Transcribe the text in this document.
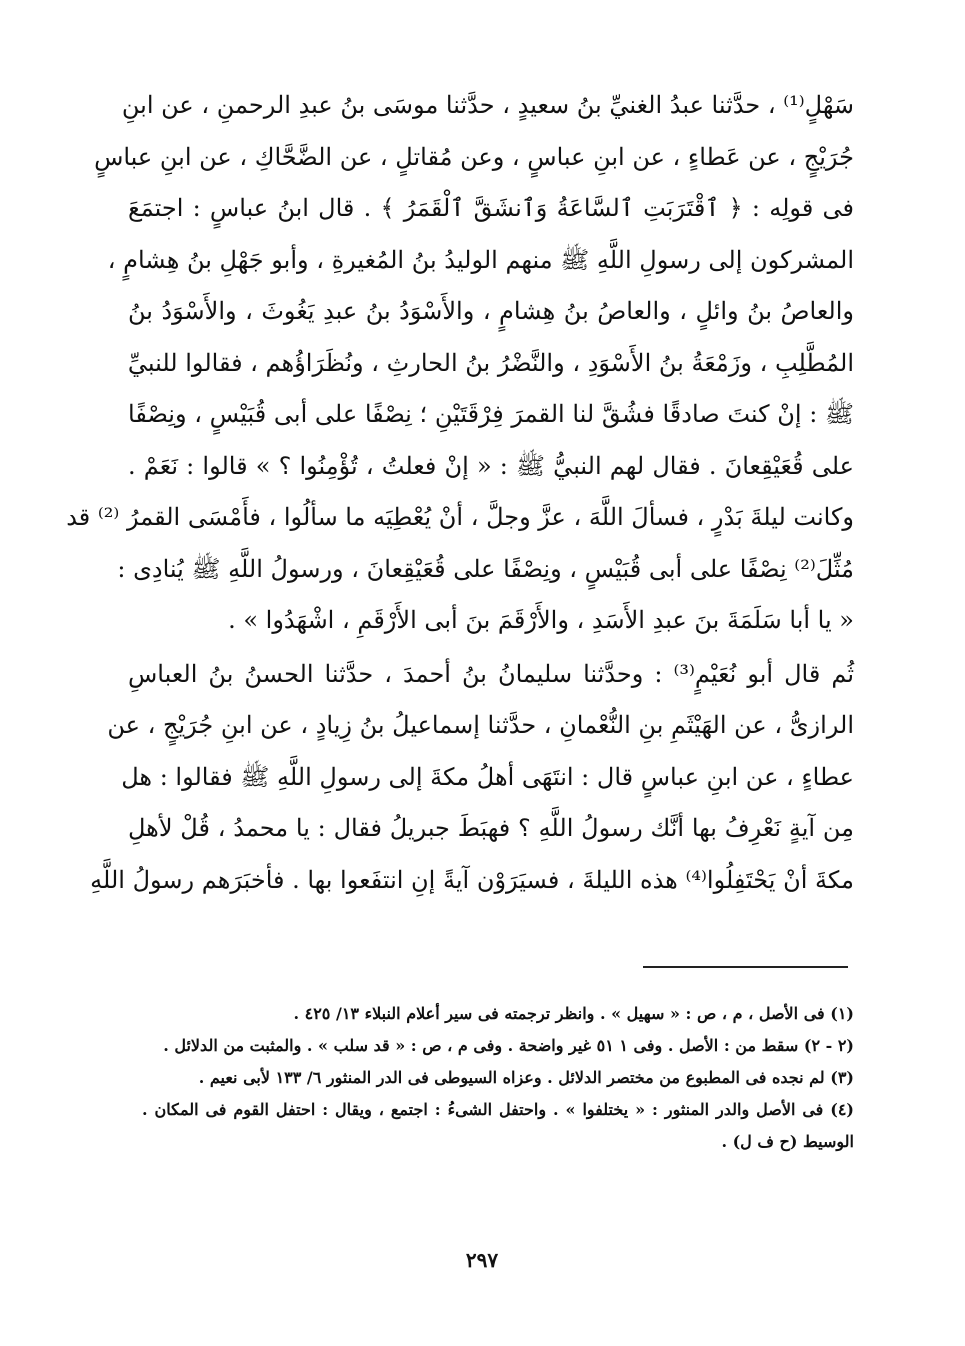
سَهْلٍ⁽¹⁾ ، حدَّثنا عبدُ الغنيِّ بنُ سعيدٍ ، حدَّثنا موسَى بنُ عبدِ الرحمنِ ، عن ابنِ
جُرَيْجٍ ، عن عَطاءٍ ، عن ابنِ عباسٍ ، وعن مُقاتلٍ ، عن الضَّحَّاكِ ، عن ابنِ عباسٍ
فى قولِه : ﴿ ٱقْتَرَبَتِ ٱلسَّاعَةُ وَٱنشَقَّ ٱلْقَمَرُ ﴾ . قال ابنُ عباسٍ : اجتمَعَ
المشركون إلى رسولِ اللَّهِ ﷺ منهم الوليدُ بنُ المُغيرةِ ، وأبو جَهْلِ بنُ هِشامٍ ،
والعاصُ بنُ وائلٍ ، والعاصُ بنُ هِشامٍ ، والأَسْوَدُ بنُ عبدِ يَغُوثَ ، والأَسْوَدُ بنُ
المُطَّلِبِ ، وزَمْعَةُ بنُ الأَسْوَدِ ، والنَّضْرُ بنُ الحارثِ ، ونُظَرَاؤُهم ، فقالوا للنبيِّ
ﷺ : إنْ كنتَ صادقًا فشُقَّ لنا القمرَ فِرْقَتَيْنِ ؛ نِصْفًا على أبى قُبَيْسٍ ، ونِصْفًا
على قُعَيْقِعانَ . فقال لهم النبيُّ ﷺ : « إنْ فعلتُ ، تُؤْمِنُوا ؟ » قالوا : نَعَمْ .
وكانت ليلةَ بَدْرٍ ، فسألَ اللَّهَ ، عزَّ وجلَّ ، أنْ يُعْطِيَه ما سألُوا ، فأَمْسَى القمرُ ⁽²⁾ قد
مُثِّلَ⁽²⁾ نِصْفًا على أبى قُبَيْسٍ ، ونِصْفًا على قُعَيْقِعانَ ، ورسولُ اللَّهِ ﷺ يُنادِى :
« يا أبا سَلَمَةَ بنَ عبدِ الأَسَدِ ، والأَرْقَمَ بنَ أبى الأَرْقَمِ ، اشْهَدُوا » .

ثُم قال أبو نُعَيْمٍ⁽³⁾ : وحدَّثنا سليمانُ بنُ أحمدَ ، حدَّثنا الحسنُ بنُ العباسِ
الرازىُّ ، عن الهَيْثَمِ بنِ النُّعْمانِ ، حدَّثنا إسماعيلُ بنُ زِيادٍ ، عن ابنِ جُرَيْجٍ ، عن
عطاءٍ ، عن ابنِ عباسٍ قال : انتَهَى أهلُ مكةَ إلى رسولِ اللَّهِ ﷺ فقالوا : هل
مِن آيةٍ نَعْرِفُ بها أنَّك رسولُ اللَّهِ ؟ فهبَطَ جبريلُ فقال : يا محمدُ ، قُلْ لأهلِ
مكةَ أنْ يَحْتَفِلُوا⁽⁴⁾ هذه الليلةَ ، فسيَرَوْن آيةً إنِ انتفَعوا بها . فأخبَرَهم رسولُ اللَّهِ

(١) فى الأصل ، م ، ص : « سهيل » . وانظر ترجمته فى سير أعلام النبلاء ١٣/ ٤٢٥ .

(٢ - ٢) سقط من : الأصل . وفى ١ ٥١ غير واضحة . وفى م ، ص : « قد سلب » . والمثبت من الدلائل .

(٣) لم نجده فى المطبوع من مختصر الدلائل . وعزاه السيوطى فى الدر المنثور ٦/ ١٣٣ لأبى نعيم .

(٤) فى الأصل والدر المنثور : « يختلفوا » . واحتفل الشىءُ : اجتمع ، ويقال : احتفل القوم فى المكان . الوسيط (ح ف ل) .

٢٩٧
